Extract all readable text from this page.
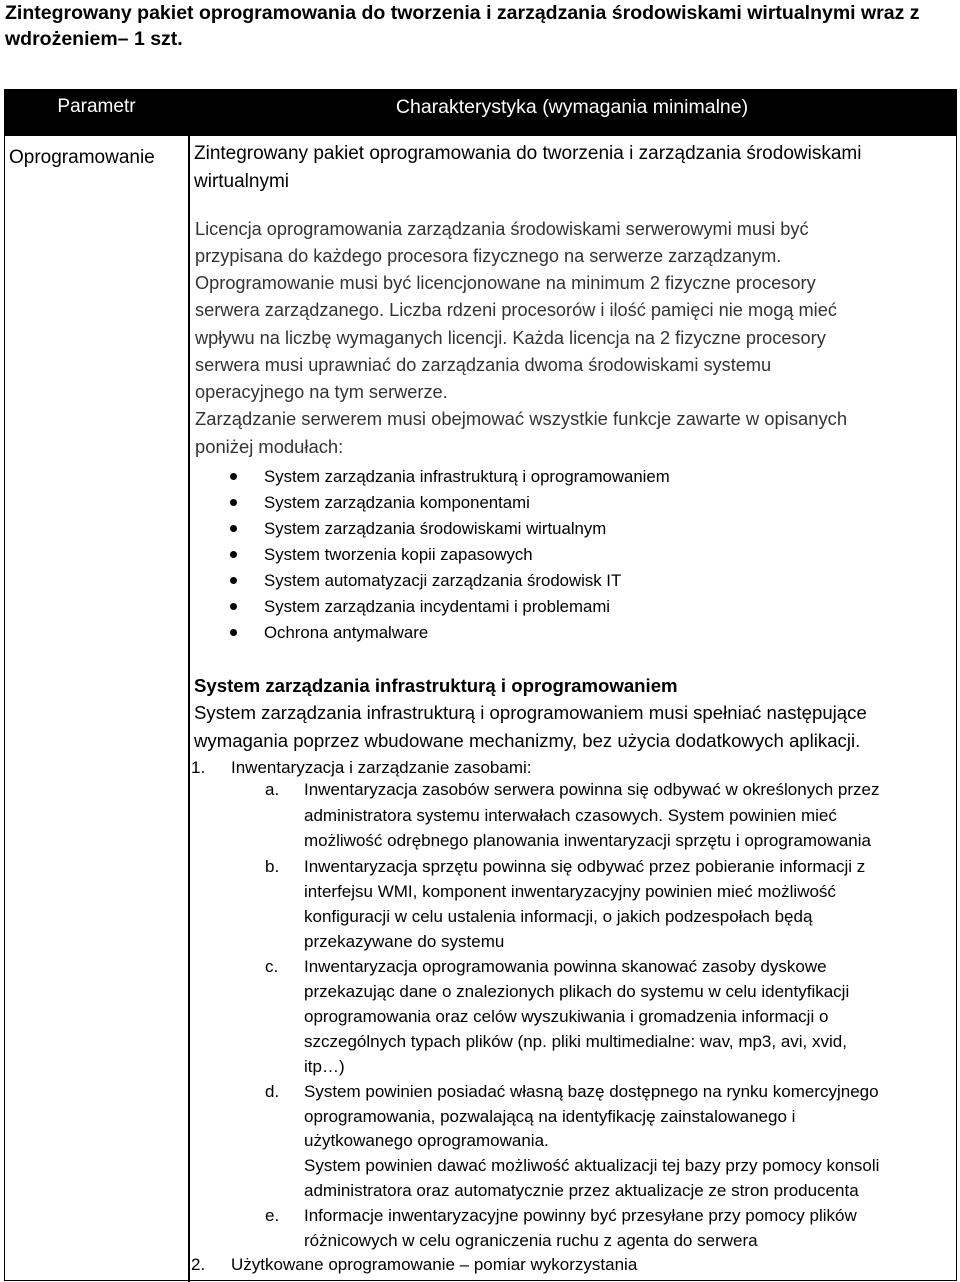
Zintegrowany pakiet oprogramowania do tworzenia i zarządzania środowiskami wirtualnymi wraz z
wdrożeniem– 1 szt.
Parametr	Charakterystyka (wymagania minimalne)
Oprogramowanie Zintegrowany pakiet oprogramowania do tworzenia i zarządzania środowiskami
wirtualnymi
Licencja oprogramowania zarządzania środowiskami serwerowymi musi być
przypisana do każdego procesora fizycznego na serwerze zarządzanym.
Oprogramowanie musi być licencjonowane na minimum 2 fizyczne procesory
serwera zarządzanego. Liczba rdzeni procesorów i ilość pamięci nie mogą mieć
wpływu na liczbę wymaganych licencji. Każda licencja na 2 fizyczne procesory
serwera musi uprawniać do zarządzania dwoma środowiskami systemu
operacyjnego na tym serwerze.
Zarządzanie serwerem musi obejmować wszystkie funkcje zawarte w opisanych
poniżej modułach:
System zarządzania infrastrukturą i oprogramowaniem
System zarządzania komponentami
System zarządzania środowiskami wirtualnym
System tworzenia kopii zapasowych
System automatyzacji zarządzania środowisk IT
System zarządzania incydentami i problemami
Ochrona antymalware
System zarządzania infrastrukturą i oprogramowaniem
System zarządzania infrastrukturą i oprogramowaniem musi spełniać następujące
wymagania poprzez wbudowane mechanizmy, bez użycia dodatkowych aplikacji.
1. Inwentaryzacja i zarządzanie zasobami:
a. Inwentaryzacja zasobów serwera powinna się odbywać w określonych przez
administratora systemu interwałach czasowych. System powinien mieć
możliwość odrębnego planowania inwentaryzacji sprzętu i oprogramowania
b. Inwentaryzacja sprzętu powinna się odbywać przez pobieranie informacji z
interfejsu WMI, komponent inwentaryzacyjny powinien mieć możliwość
konfiguracji w celu ustalenia informacji, o jakich podzespołach będą
przekazywane do systemu
c. Inwentaryzacja oprogramowania powinna skanować zasoby dyskowe
przekazując dane o znalezionych plikach do systemu w celu identyfikacji
oprogramowania oraz celów wyszukiwania i gromadzenia informacji o
szczególnych typach plików (np. pliki multimedialne: wav, mp3, avi, xvid,
itp…)
d. System powinien posiadać własną bazę dostępnego na rynku komercyjnego
oprogramowania, pozwalającą na identyfikację zainstalowanego i
użytkowanego oprogramowania.
System powinien dawać możliwość aktualizacji tej bazy przy pomocy konsoli
administratora oraz automatycznie przez aktualizacje ze stron producenta
e. Informacje inwentaryzacyjne powinny być przesyłane przy pomocy plików
różnicowych w celu ograniczenia ruchu z agenta do serwera
2. Użytkowane oprogramowanie – pomiar wykorzystania
